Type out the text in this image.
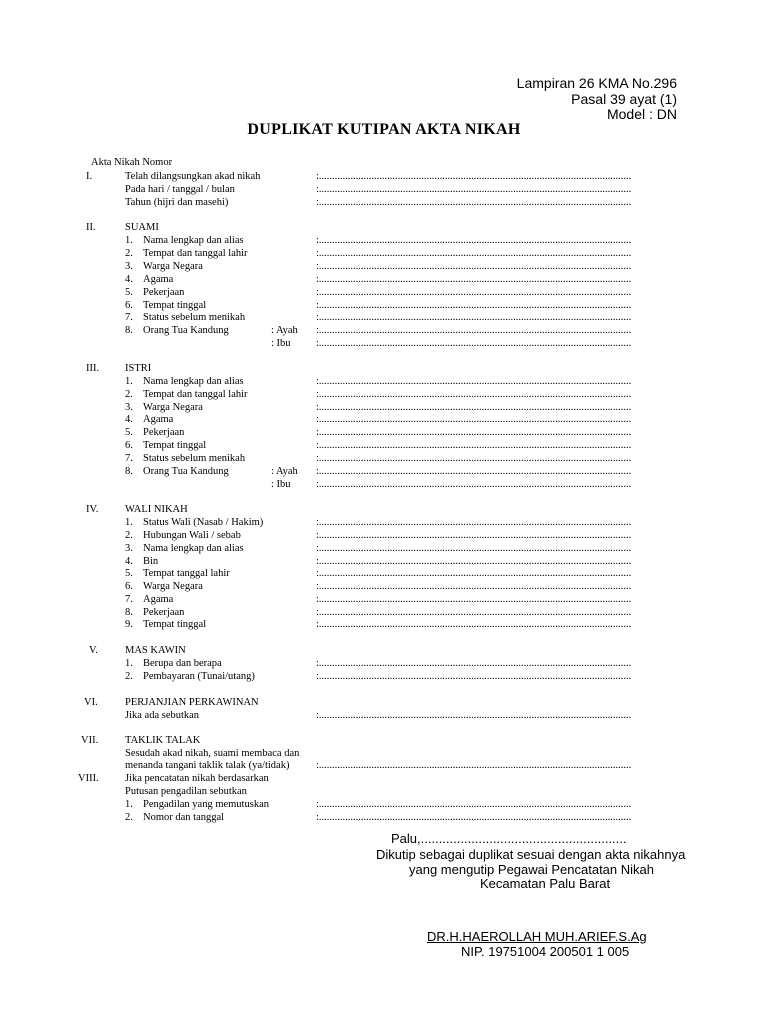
Lampiran 26 KMA No.296
Pasal 39 ayat (1)
Model : DN
DUPLIKAT KUTIPAN AKTA NIKAH
Akta Nikah Nomor
I.	Telah dilangsungkan akad nikah	:.......................................................................................................................
Pada hari / tanggal / bulan	:.......................................................................................................................
Tahun (hijri dan masehi)	:.......................................................................................................................
II.	SUAMI
1. Nama lengkap dan alias	:.......................................................................................................................
2. Tempat dan tanggal lahir	:.......................................................................................................................
3. Warga Negara	:.......................................................................................................................
4. Agama	:.......................................................................................................................
5. Pekerjaan	:.......................................................................................................................
6. Tempat tinggal	:.......................................................................................................................
7. Status sebelum menikah	:.......................................................................................................................
8. Orang Tua Kandung	: Ayah :.......................................................................................................................
: Ibu :.......................................................................................................................
III. ISTRI
1. Nama lengkap dan alias	:.......................................................................................................................
2. Tempat dan tanggal lahir	:.......................................................................................................................
3. Warga Negara	:.......................................................................................................................
4. Agama	:.......................................................................................................................
5. Pekerjaan	:.......................................................................................................................
6. Tempat tinggal	:.......................................................................................................................
7. Status sebelum menikah	:.......................................................................................................................
8. Orang Tua Kandung	: Ayah :.......................................................................................................................
: Ibu :.......................................................................................................................
IV.	WALI NIKAH
1. Status Wali (Nasab / Hakim)	:.......................................................................................................................
2. Hubungan Wali / sebab	:.......................................................................................................................
3. Nama lengkap dan alias	:.......................................................................................................................
4. Bin	:.......................................................................................................................
5. Tempat tanggal lahir	:.......................................................................................................................
6. Warga Negara	:.......................................................................................................................
7. Agama	:.......................................................................................................................
8. Pekerjaan	:.......................................................................................................................
9. Tempat tinggal	:.......................................................................................................................
V.	MAS KAWIN
1. Berupa dan berapa	:.......................................................................................................................
2. Pembayaran (Tunai/utang)	:.......................................................................................................................
VI.	PERJANJIAN PERKAWINAN
Jika ada sebutkan	:.......................................................................................................................
VII.	TAKLIK TALAK
Sesudah akad nikah, suami membaca dan
menanda tangani taklik talak (ya/tidak)	:.......................................................................................................................
VIII.	Jika pencatatan nikah berdasarkan
Putusan pengadilan sebutkan
1. Pengadilan yang memutuskan	:.......................................................................................................................
2. Nomor dan tanggal	:.......................................................................................................................
Palu,.........................................................
Dikutip sebagai duplikat sesuai dengan akta nikahnya
yang mengutip Pegawai Pencatatan Nikah
Kecamatan Palu Barat
DR.H.HAEROLLAH MUH.ARIEF.S.Ag
NIP. 19751004 200501 1 005
